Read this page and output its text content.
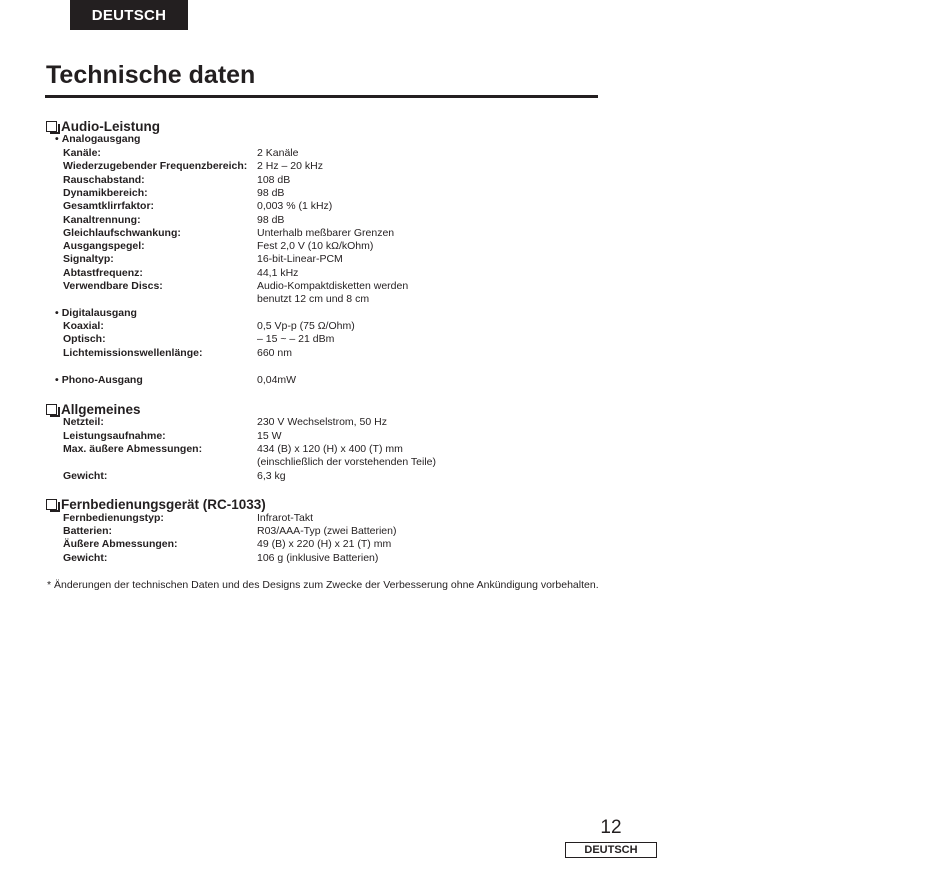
DEUTSCH
Technische daten
Audio-Leistung
• Analogausgang
Kanäle:	2 Kanäle
Wiederzugebender Frequenzbereich: 2 Hz – 20 kHz
Rauschabstand:	108 dB
Dynamikbereich:	98 dB
Gesamtklirrfaktor:	0,003 % (1 kHz)
Kanaltrennung:	98 dB
Gleichlaufschwankung:	Unterhalb meßbarer Grenzen
Ausgangspegel:	Fest 2,0 V (10 kΩ/kOhm)
Signaltyp:	16-bit-Linear-PCM
Abtastfrequenz:	44,1 kHz
Verwendbare Discs:	Audio-Kompaktdisketten werden
benutzt 12 cm und 8 cm
• Digitalausgang
Koaxial:	0,5 Vp-p (75 Ω/Ohm)
Optisch:	– 15 ~ – 21 dBm
Lichtemissionswellenlänge:	660 nm
• Phono-Ausgang	0,04mW
Allgemeines
Netzteil:	230 V Wechselstrom, 50 Hz
Leistungsaufnahme:	15 W
Max. äußere Abmessungen:	434 (B) x 120 (H) x 400 (T) mm
(einschließlich der vorstehenden Teile)
Gewicht:	6,3 kg
Fernbedienungsgerät (RC-1033)
Fernbedienungstyp:	Infrarot-Takt
Batterien:	R03/AAA-Typ (zwei Batterien)
Äußere Abmessungen:	49 (B) x 220 (H) x 21 (T) mm
Gewicht:	106 g (inklusive Batterien)
* Änderungen der technischen Daten und des Designs zum Zwecke der Verbesserung ohne Ankündigung vorbehalten.
12
DEUTSCH
